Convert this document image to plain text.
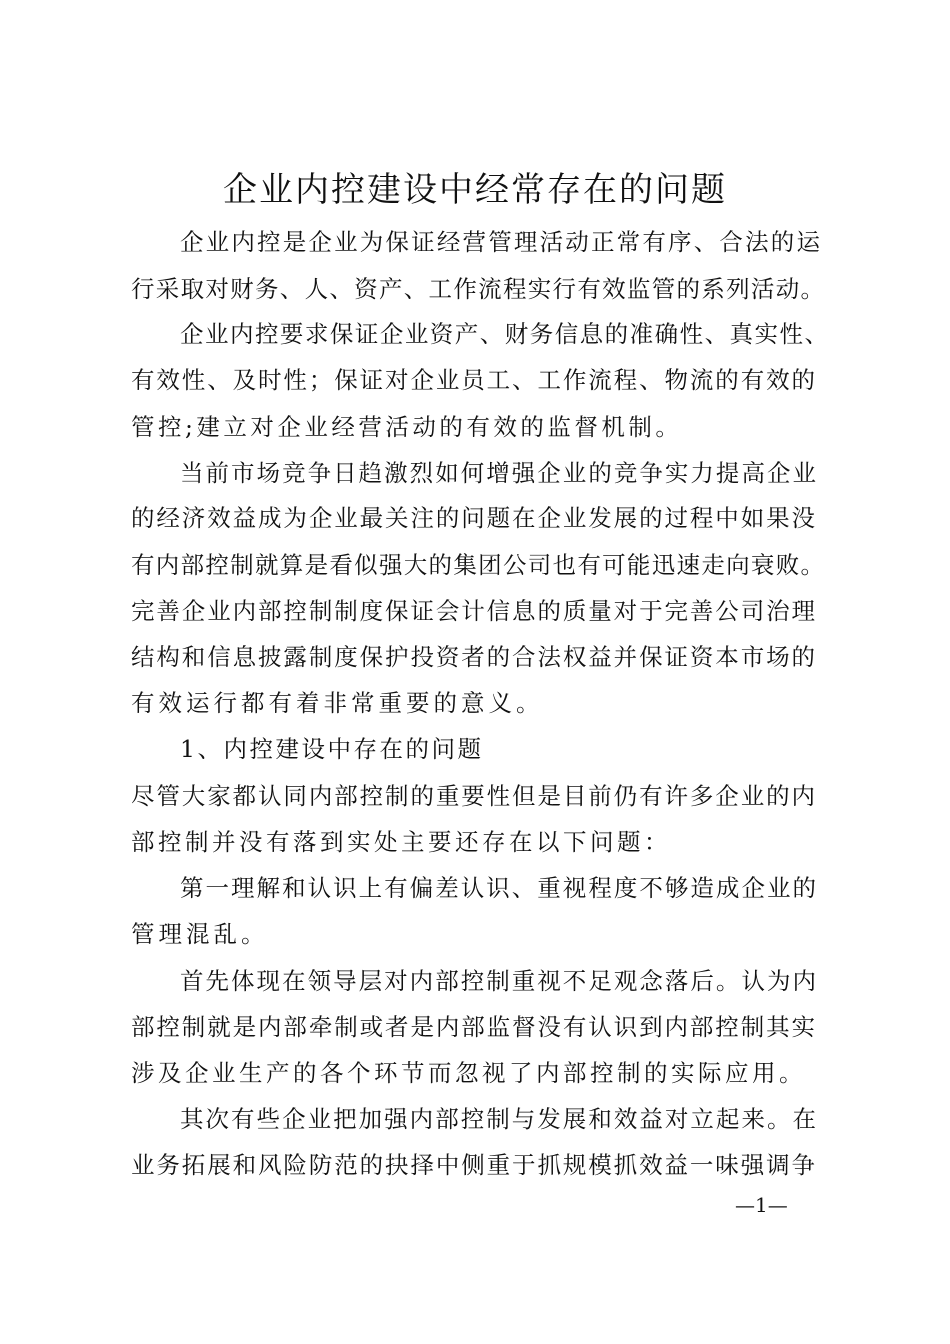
企业内控建设中经常存在的问题
企业内控是企业为保证经营管理活动正常有序、合法的运
行采取对财务、人、资产、工作流程实行有效监管的系列活动。
企业内控要求保证企业资产、财务信息的准确性、真实性、
有效性、及时性；保证对企业员工、工作流程、物流的有效的
管控;建立对企业经营活动的有效的监督机制。
当前市场竞争日趋激烈如何增强企业的竞争实力提高企业
的经济效益成为企业最关注的问题在企业发展的过程中如果没
有内部控制就算是看似强大的集团公司也有可能迅速走向衰败。
完善企业内部控制制度保证会计信息的质量对于完善公司治理
结构和信息披露制度保护投资者的合法权益并保证资本市场的
有效运行都有着非常重要的意义。
1、内控建设中存在的问题
尽管大家都认同内部控制的重要性但是目前仍有许多企业的内
部控制并没有落到实处主要还存在以下问题：
第一理解和认识上有偏差认识、重视程度不够造成企业的
管理混乱。
首先体现在领导层对内部控制重视不足观念落后。认为内
部控制就是内部牵制或者是内部监督没有认识到内部控制其实
涉及企业生产的各个环节而忽视了内部控制的实际应用。
其次有些企业把加强内部控制与发展和效益对立起来。在
业务拓展和风险防范的抉择中侧重于抓规模抓效益一味强调争
—1—
